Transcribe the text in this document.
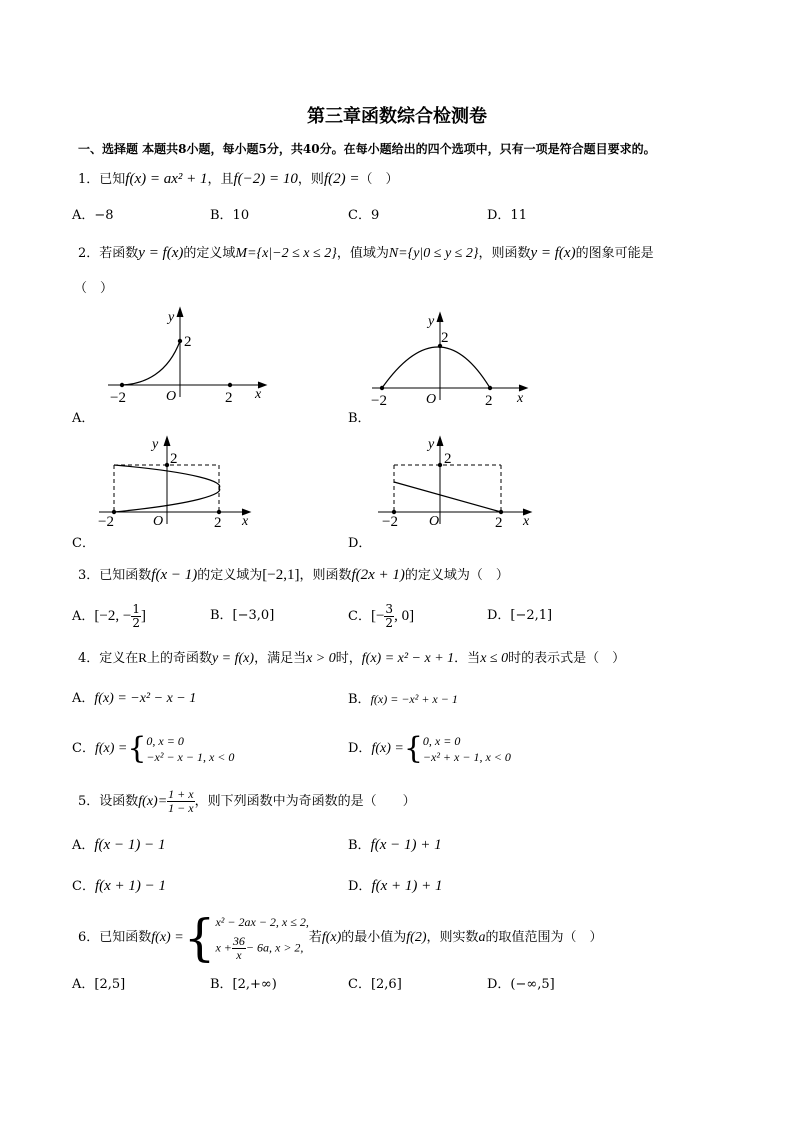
第三章函数综合检测卷
一、选择题 本题共8小题，每小题5分，共40分。在每小题给出的四个选项中，只有一项是符合题目要求的。
1．已知f(x) = ax² + 1，且f(−2) = 10，则f(2) =（　）
A．−8	B．10	C．9	D．11
2．若函数y = f(x)的定义域M={x|−2 ≤ x ≤ 2}，值域为N={y|0 ≤ y ≤ 2}，则函数y = f(x)的图象可能是
（　）
y
2
−2	O	2 x
A．
y
2
−2	O	2 x
B．
y
2
−2	O	2 x
C．
y
2
−2 O	2 x
D．
3．已知函数f(x − 1)的定义域为[−2,1]，则函数f(2x + 1)的定义域为（　）
A．[−2, − $\frac{1}{2}$ ]	B．[−3,0]	C．[− $\frac{3}{2}$ , 0]	D．[−2,1]
4．定义在R上的奇函数y = f(x)，满足当x > 0时，f(x) = x² − x + 1．当x ≤ 0时的表示式是（　）
A．f(x) = −x² − x − 1	B．f(x) = −x² + x − 1
C．f(x) ={ 0, x = 0
−x² − x − 1, x < 0
D．f(x) ={ 0, x = 0
−x² + x − 1, x < 0
5．设函数$f(x)= \frac{1 + x}{1 - x}$ ，则下列函数中为奇函数的是（　　）
A．f(x − 1) − 1	B．f(x − 1) + 1
C．f(x + 1) − 1	D．f(x + 1) + 1
6．已知函数f(x) ={ x² − 2ax − 2, x ≤ 2,
$x + \frac{36}{x} - 6a$, x > 2,
若f(x)的最小值为f(2)，则实数a的取值范围为（　）
A．[2,5]	B．[2,+∞)	C．[2,6]	D．(−∞,5]
